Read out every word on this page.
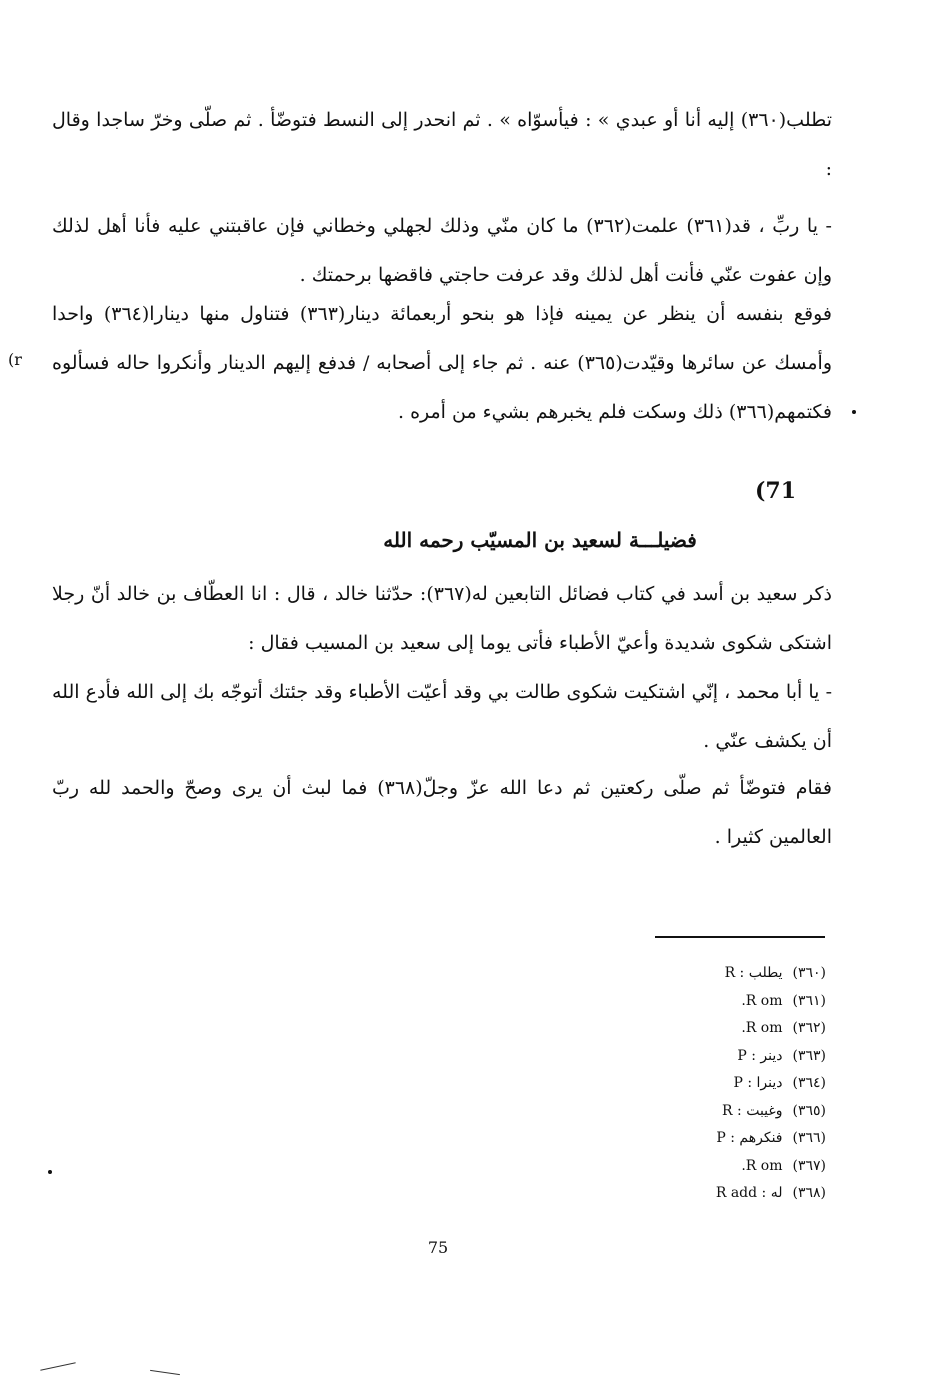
تطلب(٣٦٠) إليه أنا أو عبدي » : فيأسوّاه » . ثم انحدر إلى النسط فتوضّأ . ثم صلّى وخرّ ساجدا وقال :
- يا ربِّ ، قد(٣٦١) علمت(٣٦٢) ما كان منّي وذلك لجهلي وخطاني فإن عاقبتني عليه فأنا أهل لذلك وإن عفوت عنّي فأنت أهل لذلك وقد عرفت حاجتي فاقضها برحمتك .
فوقع بنفسه أن ينظر عن يمينه فإذا هو بنحو أربعمائة دينار(٣٦٣) فتناول منها دينارا(٣٦٤) واحدا وأمسك عن سائرها وقيّدت(٣٦٥) عنه . ثم جاء إلى أصحابه / فدفع إليهم الدينار وأنكروا حاله فسألوه فكتمهم(٣٦٦) ذلك وسكت فلم يخبرهم بشيء من أمره .
(r
(71
فضيلـــة لسعيد بن المسيّب رحمه الله
ذكر سعيد بن أسد في كتاب فضائل التابعين له(٣٦٧): حدّثنا خالد ، قال : انا العطّاف بن خالد أنّ رجلا اشتكى شكوى شديدة وأعيّ الأطباء فأتى يوما إلى سعيد بن المسيب فقال :
- يا أبا محمد ، إنّي اشتكيت شكوى طالت بي وقد أعيّت الأطباء وقد جئتك أتوجّه بك إلى الله فأدع الله أن يكشف عنّي .
فقام فتوضّأ ثم صلّى ركعتين ثم دعا الله عزّ وجلّ(٣٦٨) فما لبث أن يرى وصحّ والحمد لله ربّ العالمين كثيرا .
(٣٦٠)يطلب : R
(٣٦١)R om.
(٣٦٢)R om.
(٣٦٣)دينر : P
(٣٦٤)دينرا : P
(٣٦٥)وغيبت : R
(٣٦٦)فنكرهم : P
(٣٦٧)R om.
(٣٦٨)له : R add
75
